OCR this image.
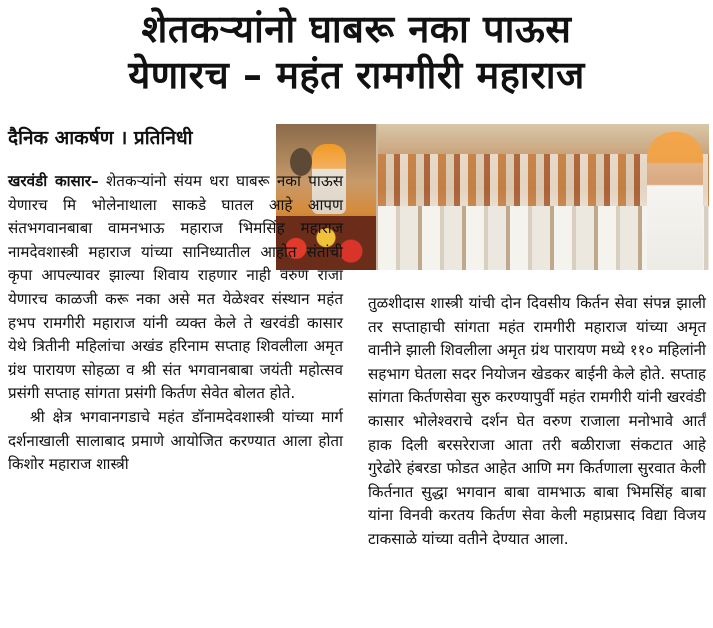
शेतकऱ्यांनो घाबरू नका पाऊस
येणारच – महंत रामगीरी महाराज
दैनिक आकर्षण । प्रतिनिधी

खरवंडी कासार– शेतकऱ्यांनो संयम धरा घाबरू नका पाऊस येणारच मि भोलेनाथाला साकडे घातल आहे आपण संतभगवानबाबा वामनभाऊ महाराज भिमसिंह महाराज नामदेवशास्त्री महाराज यांच्या सानिध्यातील आहोत संतांची कृपा आपल्यावर झाल्या शिवाय राहणार नाही वरुण राजा येणारच काळजी करू नका असे मत येळेश्वर संस्थान महंत हभप रामगीरी महाराज यांनी व्यक्त केले ते खरवंडी कासार येथे त्रितीनी महिलांचा अखंड हरिनाम सप्ताह शिवलीला अमृत ग्रंथ पारायण सोहळा व श्री संत भगवानबाबा जयंती महोत्सव प्रसंगी सप्ताह सांगता प्रसंगी किर्तण सेवेत बोलत होते.

श्री क्षेत्र भगवानगडाचे महंत डॉनामदेवशास्त्री यांच्या मार्ग दर्शनाखाली सालाबाद प्रमाणे आयोजित करण्यात आला होता किशोर महाराज शास्त्री

तुळशीदास शास्त्री यांची दोन दिवसीय किर्तन सेवा संपन्न झाली तर सप्ताहाची सांगता महंत रामगीरी महाराज यांच्या अमृत वानीने झाली शिवलीला अमृत ग्रंथ पारायण मध्ये ११० महिलांनी सहभाग घेतला सदर नियोजन खेडकर बाईनी केले होते. सप्ताह सांगता किर्तणसेवा सुरु करण्यापुर्वी महंत रामगीरी यांनी खरवंडी कासार भोलेश्वराचे दर्शन घेत वरुण राजाला मनोभावे आर्तं हाक दिली बरसरेराजा आता तरी बळीराजा संकटात आहे गुरेढोरे हंबरडा फोडत आहेत आणि मग किर्तणाला सुरवात केली किर्तनात सुद्धा भगवान बाबा वामभाऊ बाबा भिमसिंह बाबा यांना विनवी करतय किर्तण सेवा केली महाप्रसाद विद्या विजय टाकसाळे यांच्या वतीने देण्यात आला.
